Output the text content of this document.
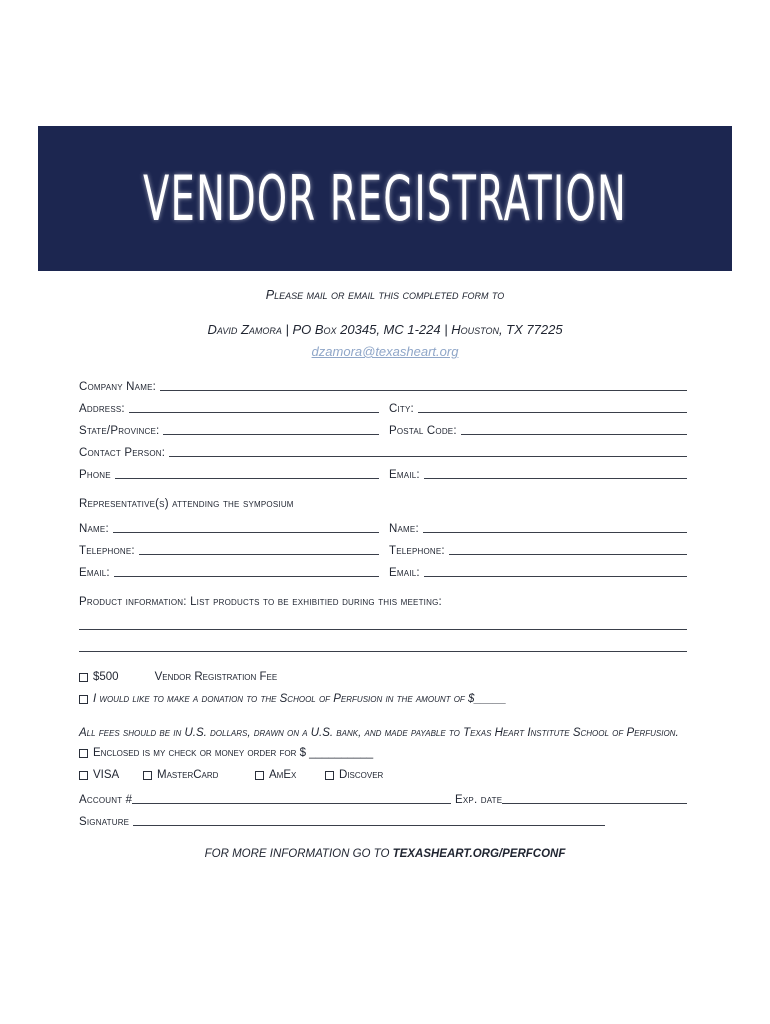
VENDOR REGISTRATION
Please mail or email this completed form to
David Zamora | PO Box 20345, MC 1-224 | Houston, TX 77225
dzamora@texasheart.org
Company Name:
Address:	City:
State/Province:	Postal Code:
Contact Person:
Phone	Email:
Representative(s) attending the symposium
Name:	Name:
Telephone:	Telephone:
Email:	Email:
Product information: List products to be exhibitied during this meeting:
$500	Vendor Registration Fee
I would like to make a donation to the School of Perfusion in the amount of $_____
All fees should be in U.S. dollars, drawn on a U.S. bank, and made payable to Texas Heart Institute School of Perfusion.
Enclosed is my check or money order for $ __________
VISA	MasterCard	AmEx	Discover
Account #	Exp. date
Signature
FOR MORE INFORMATION GO TO TEXASHEART.ORG/PERFCONF
